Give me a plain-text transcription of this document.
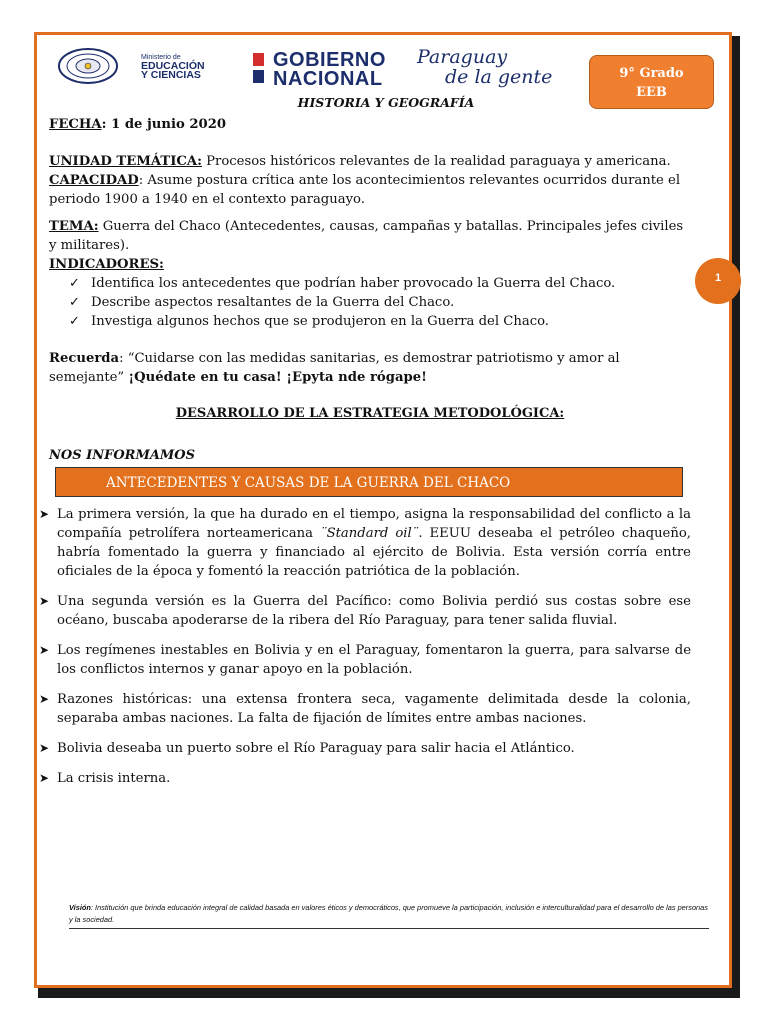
Ministerio de
EDUCACIÓN
Y CIENCIAS
GOBIERNO
NACIONAL
Paraguay
de la gente	9° Grado
EEB
HISTORIA Y GEOGRAFÍA

FECHA: 1 de junio 2020

UNIDAD TEMÁTICA: Procesos históricos relevantes de la realidad paraguaya y americana.

CAPACIDAD: Asume postura crítica ante los acontecimientos relevantes ocurridos durante el periodo 1900 a 1940 en el contexto paraguayo.

TEMA: Guerra del Chaco (Antecedentes, causas, campañas y batallas. Principales jefes civiles y militares).

INDICADORES:

✓ Identifica los antecedentes que podrían haber provocado la Guerra del Chaco.
✓ Describe aspectos resaltantes de la Guerra del Chaco.
✓ Investiga algunos hechos que se produjeron en la Guerra del Chaco.

Recuerda: “Cuidarse con las medidas sanitarias, es demostrar patriotismo y amor al semejante” ¡Quédate en tu casa! ¡Epyta nde rógape!

DESARROLLO DE LA ESTRATEGIA METODOLÓGICA:

NOS INFORMAMOS

ANTECEDENTES Y CAUSAS DE LA GUERRA DEL CHACO
➤ La primera versión, la que ha durado en el tiempo, asigna la responsabilidad del conflicto a la compañía petrolífera norteamericana ¨Standard oil¨. EEUU deseaba el petróleo chaqueño, habría fomentado la guerra y financiado al ejército de Bolivia. Esta versión corría entre oficiales de la época y fomentó la reacción patriótica de la población.
➤ Una segunda versión es la Guerra del Pacífico: como Bolivia perdió sus costas sobre ese océano, buscaba apoderarse de la ribera del Río Paraguay, para tener salida fluvial.
➤ Los regímenes inestables en Bolivia y en el Paraguay, fomentaron la guerra, para salvarse de los conflictos internos y ganar apoyo en la población.
➤ Razones históricas: una extensa frontera seca, vagamente delimitada desde la colonia, separaba ambas naciones. La falta de fijación de límites entre ambas naciones.
➤ Bolivia deseaba un puerto sobre el Río Paraguay para salir hacia el Atlántico.
➤ La crisis interna.
Visión: Institución que brinda educación integral de calidad basada en valores éticos y democráticos, que promueve la participación, inclusión e interculturalidad para el desarrollo de las personas y la sociedad.
1
